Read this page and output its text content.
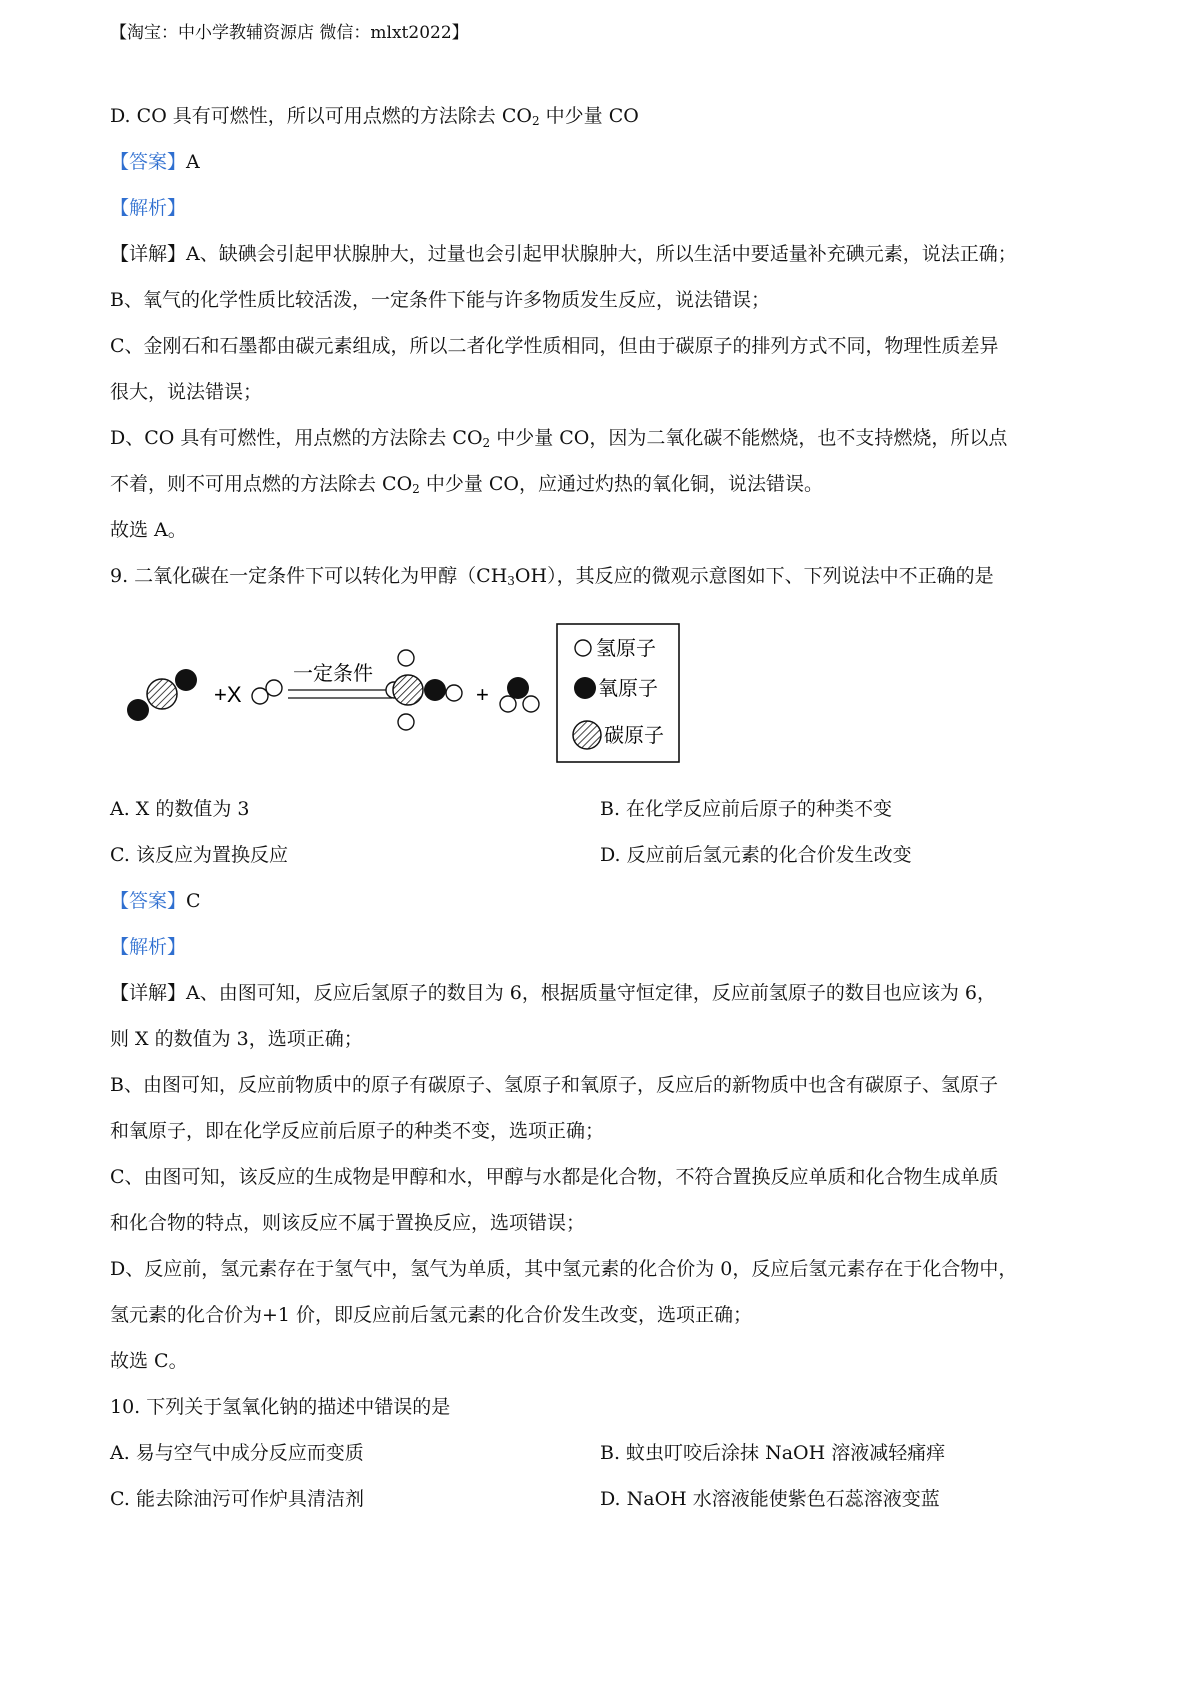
【淘宝：中小学教辅资源店 微信：mlxt2022】
D. CO 具有可燃性，所以可用点燃的方法除去 $CO_2$ 中少量 CO
【答案】A
【解析】
【详解】A、缺碘会引起甲状腺肿大，过量也会引起甲状腺肿大，所以生活中要适量补充碘元素，说法正确；
B、氧气的化学性质比较活泼，一定条件下能与许多物质发生反应，说法错误；
C、金刚石和石墨都由碳元素组成，所以二者化学性质相同，但由于碳原子的排列方式不同，物理性质差异
很大，说法错误；
D、CO 具有可燃性，用点燃的方法除去 $CO_2$ 中少量 CO，因为二氧化碳不能燃烧，也不支持燃烧，所以点
不着，则不可用点燃的方法除去 $CO_2$ 中少量 CO，应通过灼热的氧化铜，说法错误。
故选 A。
9. 二氧化碳在一定条件下可以转化为甲醇$(CH_3OH)$，其反应的微观示意图如下、下列说法中不正确的是
+X
一定条件
+
氢原子
氧原子
碳原子
A. X 的数值为 3	B. 在化学反应前后原子的种类不变
C. 该反应为置换反应	D. 反应前后氢元素的化合价发生改变
【答案】C
【解析】
【详解】A、由图可知，反应后氢原子的数目为 6，根据质量守恒定律，反应前氢原子的数目也应该为 6，
则 X 的数值为 3，选项正确；
B、由图可知，反应前物质中的原子有碳原子、氢原子和氧原子，反应后的新物质中也含有碳原子、氢原子
和氧原子，即在化学反应前后原子的种类不变，选项正确；
C、由图可知，该反应的生成物是甲醇和水，甲醇与水都是化合物，不符合置换反应单质和化合物生成单质
和化合物的特点，则该反应不属于置换反应，选项错误；
D、反应前，氢元素存在于氢气中，氢气为单质，其中氢元素的化合价为 0，反应后氢元素存在于化合物中，
氢元素的化合价为+1 价，即反应前后氢元素的化合价发生改变，选项正确；
故选 C。
10. 下列关于氢氧化钠的描述中错误的是
A. 易与空气中成分反应而变质	B. 蚊虫叮咬后涂抹 NaOH 溶液减轻痛痒
C. 能去除油污可作炉具清洁剂	D. NaOH 水溶液能使紫色石蕊溶液变蓝
